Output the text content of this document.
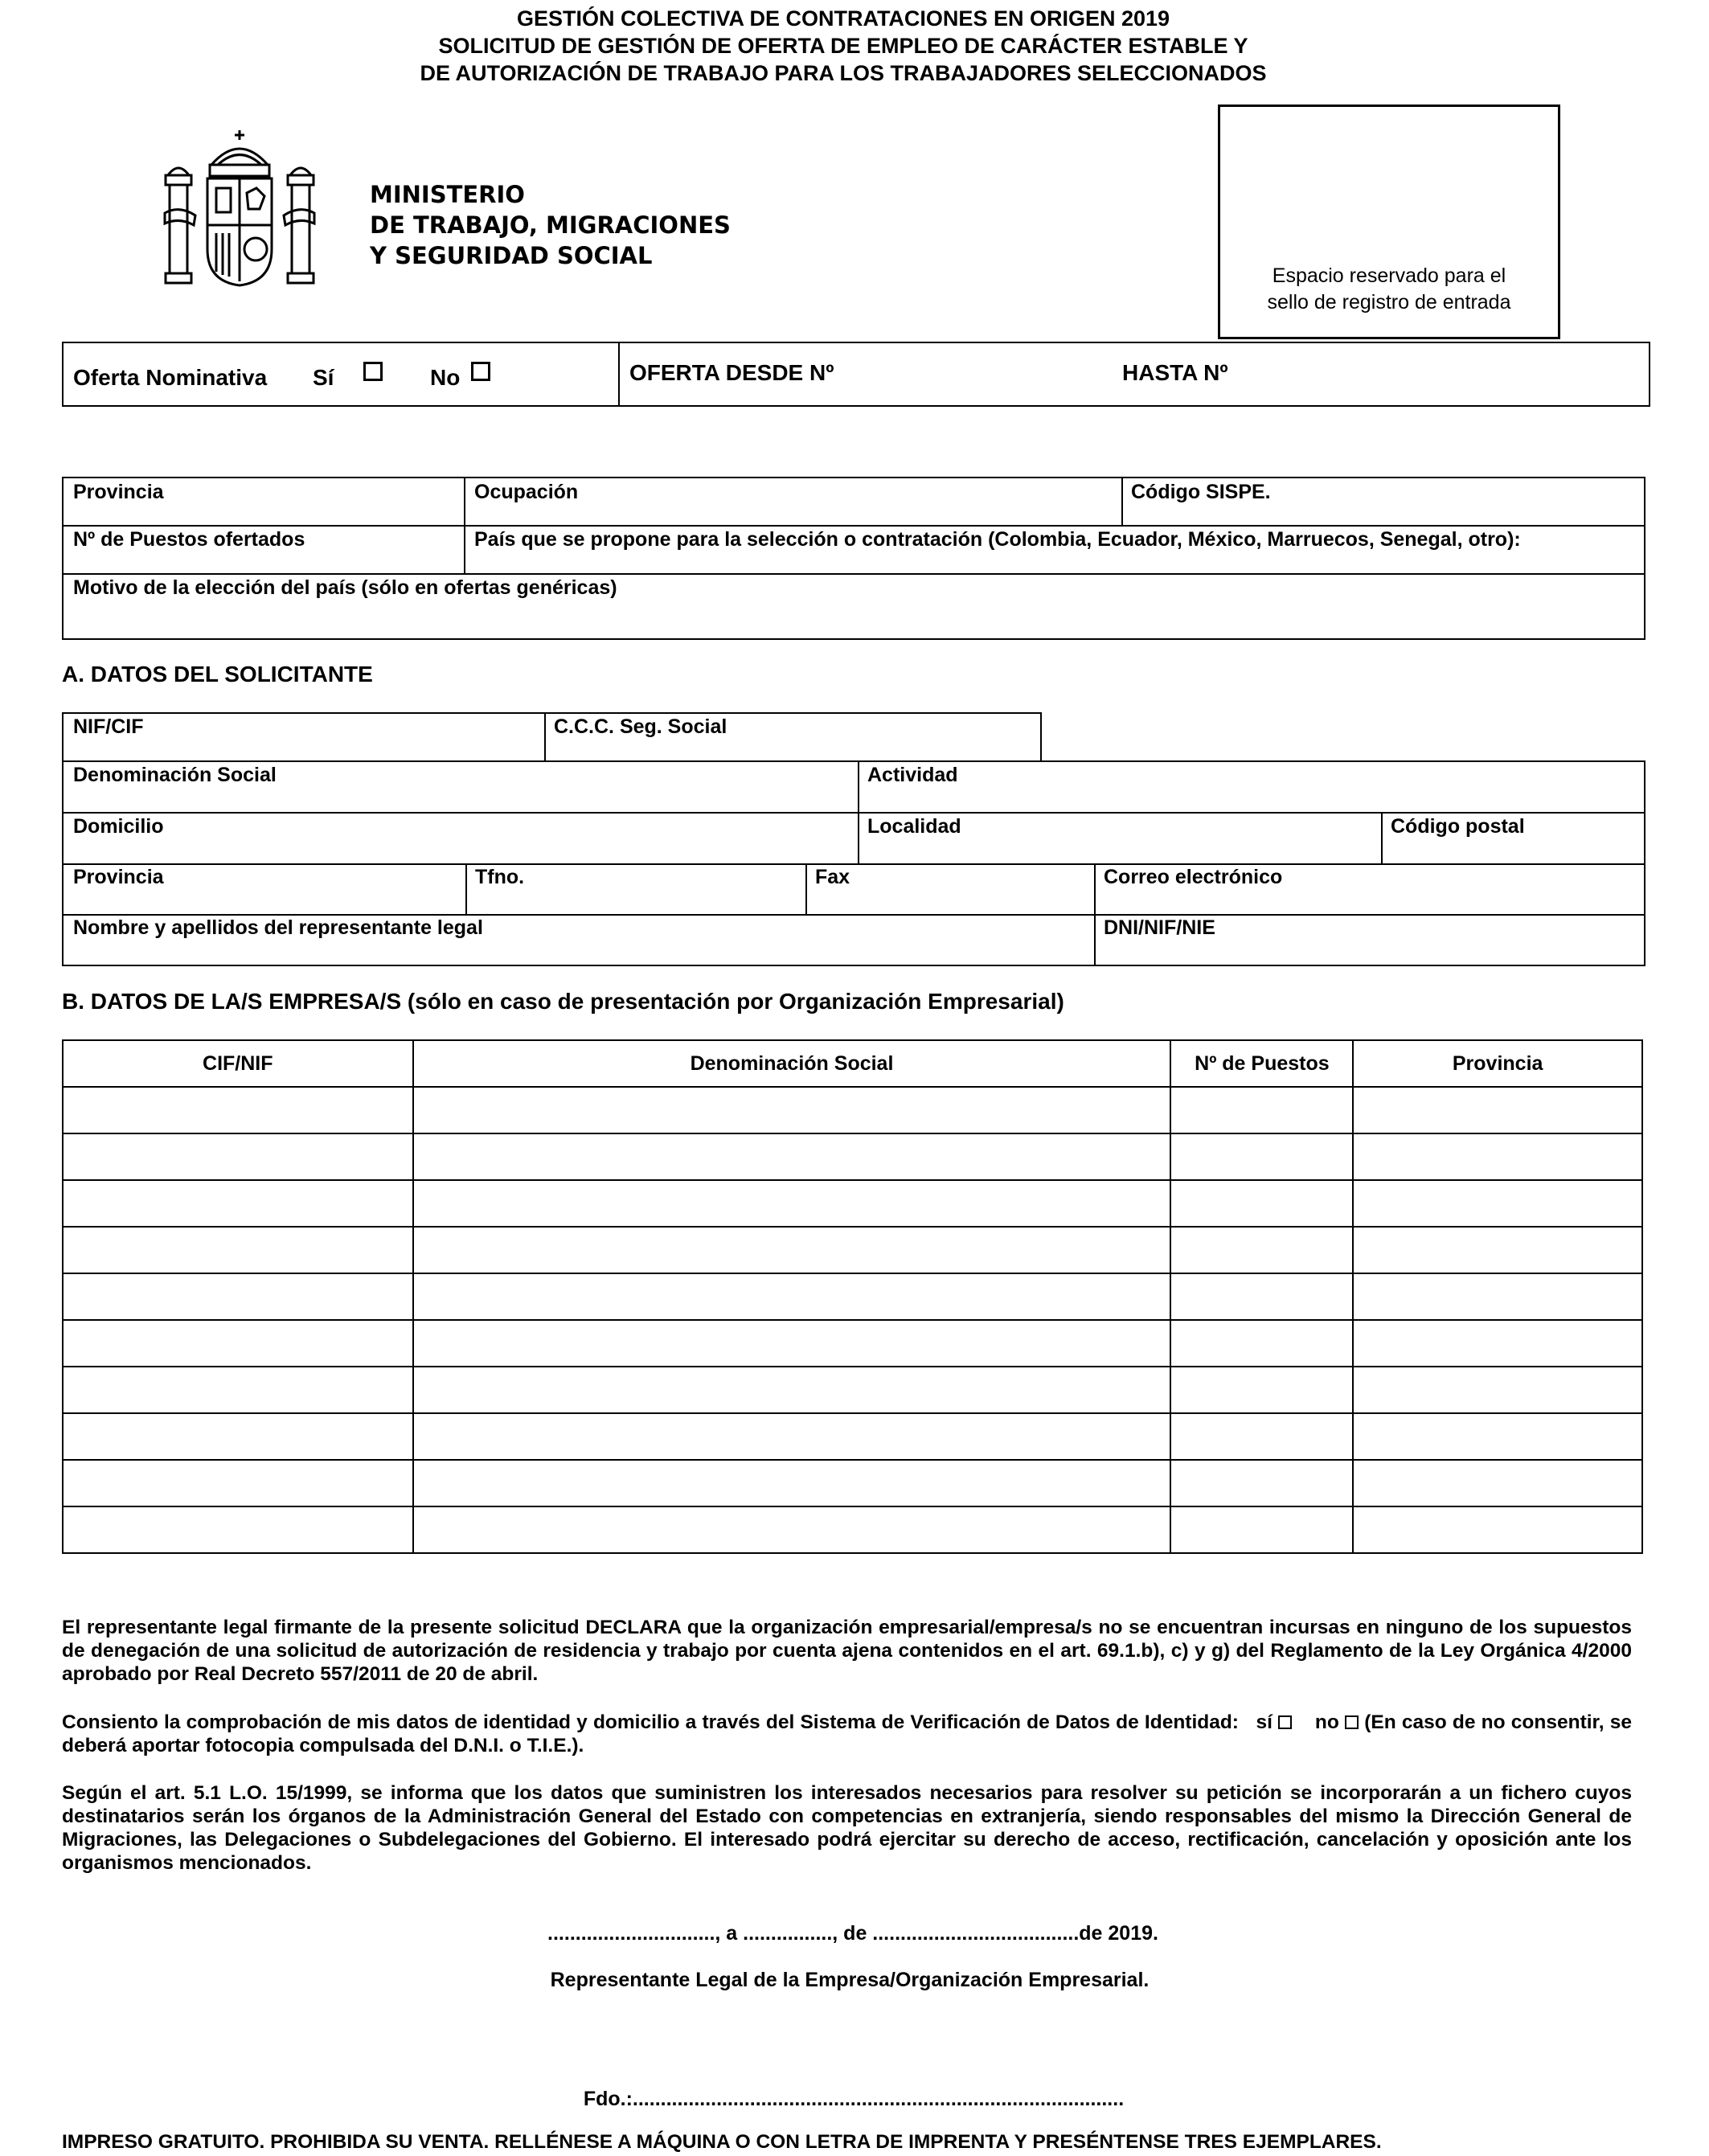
GESTIÓN COLECTIVA DE CONTRATACIONES EN ORIGEN 2019
SOLICITUD DE GESTIÓN DE OFERTA DE EMPLEO DE CARÁCTER ESTABLE Y
DE AUTORIZACIÓN DE TRABAJO PARA LOS TRABAJADORES SELECCIONADOS
MINISTERIO
DE TRABAJO, MIGRACIONES
Y SEGURIDAD SOCIAL
Espacio reservado para el sello de registro de entrada
Oferta Nominativa Sí	No	OFERTA DESDE Nº	HASTA Nº
Provincia	Ocupación	Código SISPE.
Nº de Puestos ofertados	País que se propone para la selección o contratación (Colombia, Ecuador, México, Marruecos, Senegal, otro):
Motivo de la elección del país (sólo en ofertas genéricas)
A. DATOS DEL SOLICITANTE
NIF/CIF	C.C.C. Seg. Social
Denominación Social	Actividad
Domicilio	Localidad	Código postal
Provincia	Tfno.	Fax	Correo electrónico
Nombre y apellidos del representante legal	DNI/NIF/NIE
B. DATOS DE LA/S EMPRESA/S (sólo en caso de presentación por Organización Empresarial)
CIF/NIF	Denominación Social	Nº de Puestos	Provincia

El representante legal firmante de la presente solicitud DECLARA que la organización empresarial/empresa/s no se encuentran incursas en ninguno de los supuestos de denegación de una solicitud de autorización de residencia y trabajo por cuenta ajena contenidos en el art. 69.1.b), c) y g) del Reglamento de la Ley Orgánica 4/2000 aprobado por Real Decreto 557/2011 de 20 de abril.
Consiento la comprobación de mis datos de identidad y domicilio a través del Sistema de Verificación de Datos de Identidad: sí no (En caso de no consentir, se deberá aportar fotocopia compulsada del D.N.I. o T.I.E.).
Según el art. 5.1 L.O. 15/1999, se informa que los datos que suministren los interesados necesarios para resolver su petición se incorporarán a un fichero cuyos destinatarios serán los órganos de la Administración General del Estado con competencias en extranjería, siendo responsables del mismo la Dirección General de Migraciones, las Delegaciones o Subdelegaciones del Gobierno. El interesado podrá ejercitar su derecho de acceso, rectificación, cancelación y oposición ante los organismos mencionados.
.............................., a ................, de .....................................de 2019.
Representante Legal de la Empresa/Organización Empresarial.
Fdo.:........................................................................................
IMPRESO GRATUITO. PROHIBIDA SU VENTA. RELLÉNESE A MÁQUINA O CON LETRA DE IMPRENTA Y PRESÉNTENSE TRES EJEMPLARES.
